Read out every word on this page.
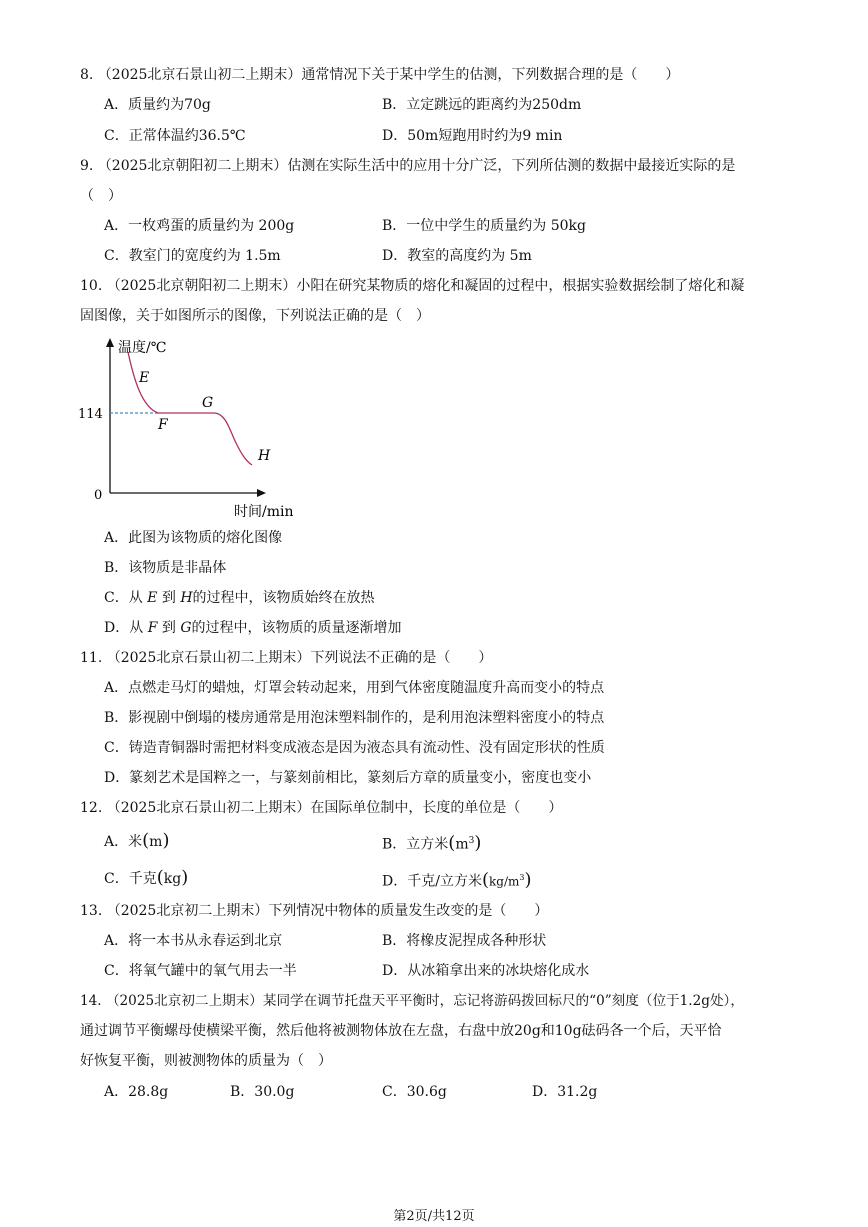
8. （2025北京石景山初二上期末）通常情况下关于某中学生的估测，下列数据合理的是（　　）
A．质量约为70g	B．立定跳远的距离约为250dm
C．正常体温约36.5℃	D．50m短跑用时约为9 min
9. （2025北京朝阳初二上期末）估测在实际生活中的应用十分广泛，下列所估测的数据中最接近实际的是
（　）
A．一枚鸡蛋的质量约为 200g	B．一位中学生的质量约为 50kg
C．教室门的宽度约为 1.5m	D．教室的高度约为 5m
10. （2025北京朝阳初二上期末）小阳在研究某物质的熔化和凝固的过程中，根据实验数据绘制了熔化和凝
固图像，关于如图所示的图像，下列说法正确的是（　）
温度/℃
时间/min
114
0
E
F
G
H
A．此图为该物质的熔化图像
B．该物质是非晶体
C．从 E 到 H的过程中，该物质始终在放热
D．从 F 到 G的过程中，该物质的质量逐渐增加
11. （2025北京石景山初二上期末）下列说法不正确的是（　　）
A．点燃走马灯的蜡烛，灯罩会转动起来，用到气体密度随温度升高而变小的特点
B．影视剧中倒塌的楼房通常是用泡沫塑料制作的，是利用泡沫塑料密度小的特点
C．铸造青铜器时需把材料变成液态是因为液态具有流动性、没有固定形状的性质
D．篆刻艺术是国粹之一，与篆刻前相比，篆刻后方章的质量变小，密度也变小
12. （2025北京石景山初二上期末）在国际单位制中，长度的单位是（　　）
A．米(m)	B．立方米$(m^3)$
C．千克(kg)	D．千克/立方米$(kg/m^3)$
13. （2025北京初二上期末）下列情况中物体的质量发生改变的是（　　）
A．将一本书从永春运到北京	B．将橡皮泥捏成各种形状
C．将氧气罐中的氧气用去一半	D．从冰箱拿出来的冰块熔化成水
14. （2025北京初二上期末）某同学在调节托盘天平平衡时，忘记将游码拨回标尺的“0”刻度（位于1.2g处），
通过调节平衡螺母使横梁平衡，然后他将被测物体放在左盘，右盘中放20g和10g砝码各一个后，天平恰
好恢复平衡，则被测物体的质量为（　）
A．28.8g	B．30.0g	C．30.6g	D．31.2g
第2页/共12页
